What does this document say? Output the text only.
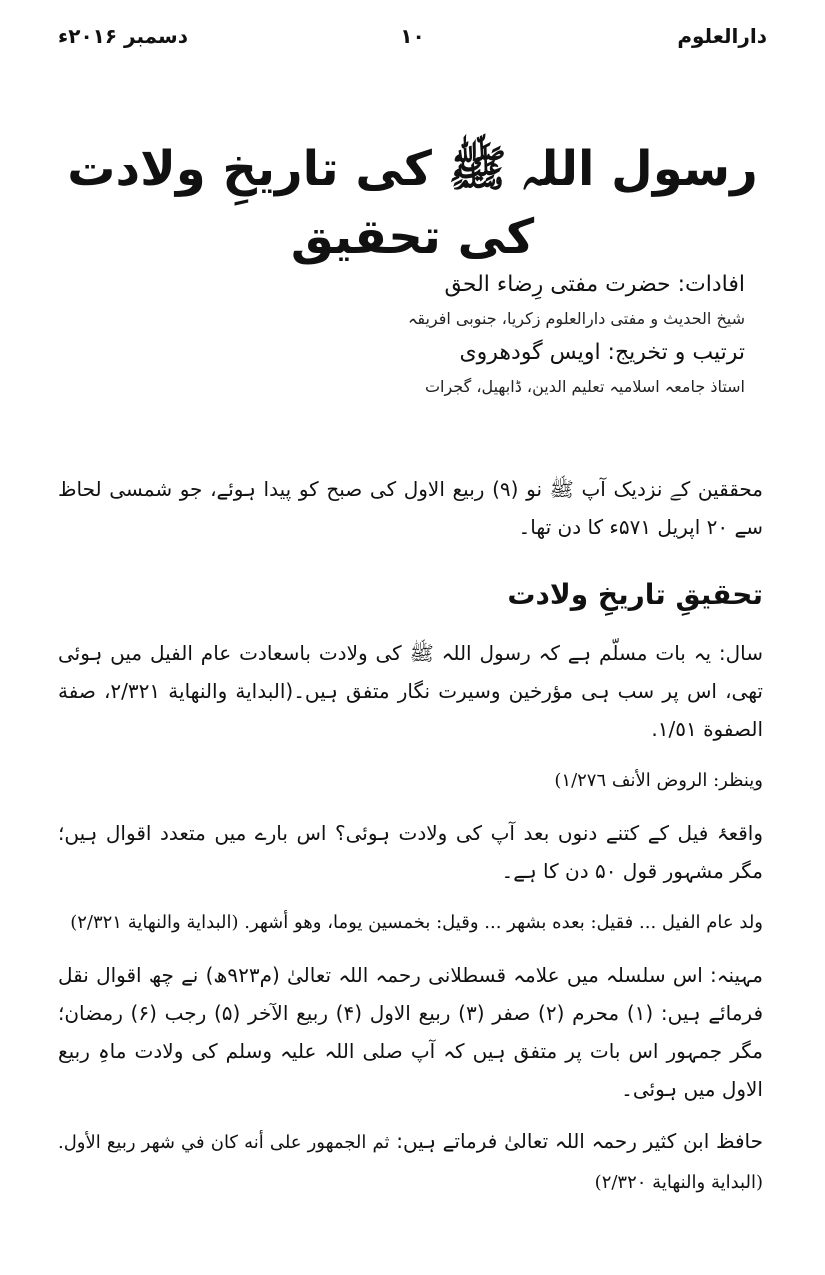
دسمبر ۲۰۱۶ء	۱۰	دارالعلوم
رسول اللہ ﷺ کی تاریخِ ولادت کی تحقیق
افادات: حضرت مفتی رِضاء الحق
شیخ الحدیث و مفتی دارالعلوم زکریا، جنوبی افریقہ
ترتیب و تخریج: اویس گودھروی
استاذ جامعہ اسلامیہ تعلیم الدین، ڈابھیل، گجرات

محققین کے نزدیک آپ ﷺ نو (۹) ربیع الاول کی صبح کو پیدا ہوئے، جو شمسی لحاظ سے ۲۰ اپریل ۵۷۱ء کا دن تھا۔

تحقیقِ تاریخِ ولادت

سال: یہ بات مسلّم ہے کہ رسول اللہ ﷺ کی ولادت باسعادت عام الفیل میں ہوئی تھی، اس پر سب ہی مؤرخین وسیرت نگار متفق ہیں۔(البداية والنهاية ٢/٣٢١، صفة الصفوة ١/٥١.

وينظر: الروض الأنف ١/٢٧٦)

واقعۂ فیل کے کتنے دنوں بعد آپ کی ولادت ہوئی؟ اس بارے میں متعدد اقوال ہیں؛ مگر مشہور قول ۵۰ دن کا ہے۔

ولد عام الفيل ... فقيل: بعده بشهر ... وقيل: بخمسين يوما، وهو أشهر. (البداية والنهاية ٢/٣٢١)

مہینہ: اس سلسلہ میں علامہ قسطلانی رحمہ اللہ تعالیٰ (م۹۲۳ھ) نے چھ اقوال نقل فرمائے ہیں: (۱) محرم (۲) صفر (۳) ربیع الاول (۴) ربیع الآخر (۵) رجب (۶) رمضان؛ مگر جمہور اس بات پر متفق ہیں کہ آپ صلی اللہ علیہ وسلم کی ولادت ماہِ ربیع الاول میں ہوئی۔

حافظ ابن کثیر رحمہ اللہ تعالیٰ فرماتے ہیں: ثم الجمهور على أنه كان في شهر ربيع الأول. (البداية والنهاية ٢/٣٢٠)
